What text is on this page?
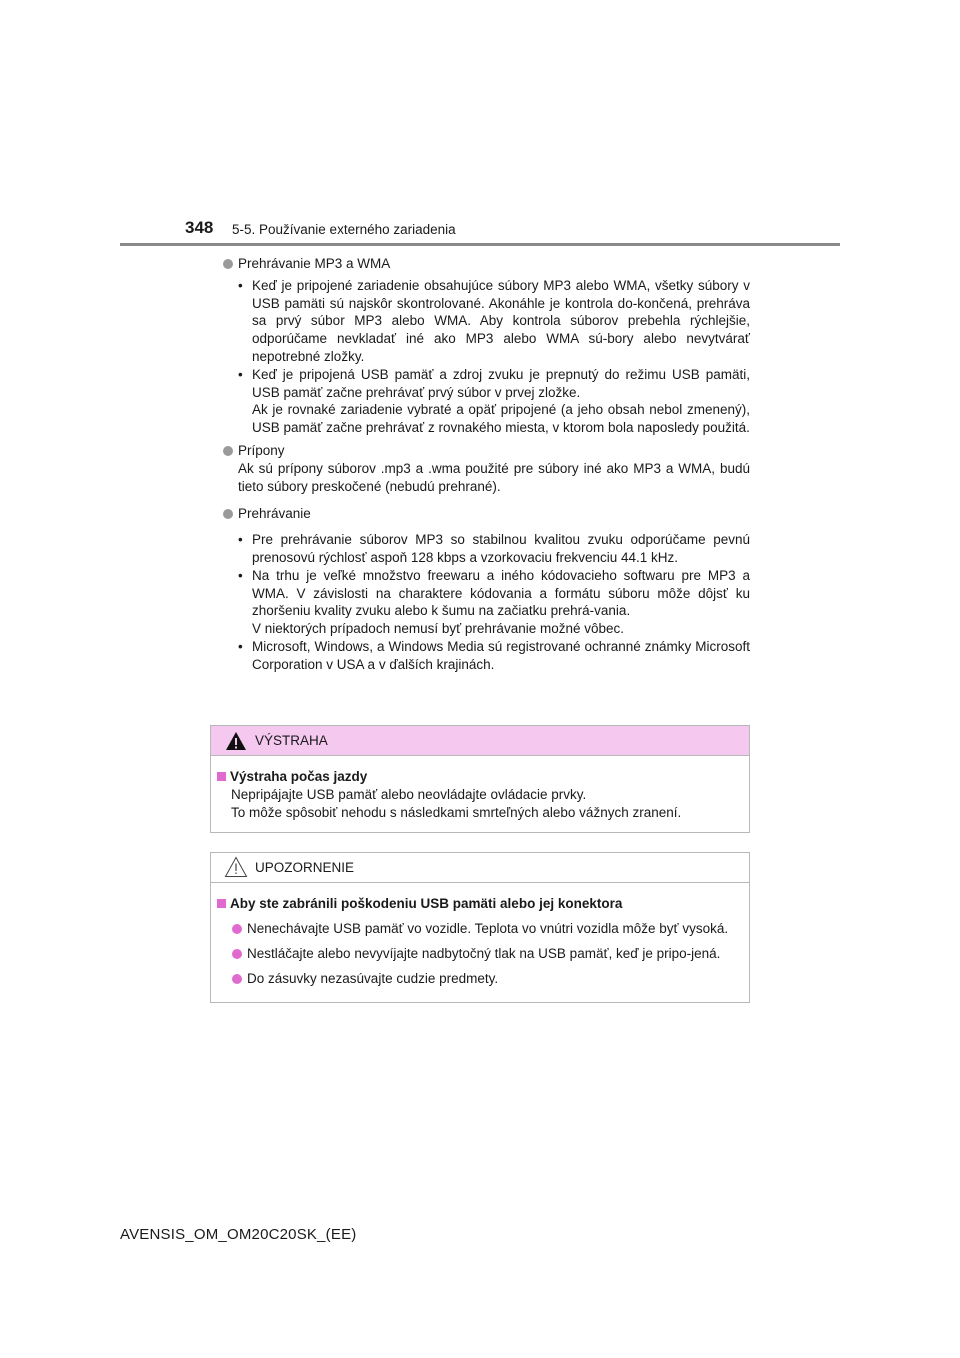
348 5-5. Používanie externého zariadenia
Prehrávanie MP3 a WMA
• Keď je pripojené zariadenie obsahujúce súbory MP3 alebo WMA, všetky súbory v USB pamäti sú najskôr skontrolované. Akonáhle je kontrola do-končená, prehráva sa prvý súbor MP3 alebo WMA. Aby kontrola súborov prebehla rýchlejšie, odporúčame nevkladať iné ako MP3 alebo WMA sú-bory alebo nevytvárať nepotrebné zložky.
• Keď je pripojená USB pamäť a zdroj zvuku je prepnutý do režimu USB pamäti, USB pamäť začne prehrávať prvý súbor v prvej zložke.
Ak je rovnaké zariadenie vybraté a opäť pripojené (a jeho obsah nebol zmenený), USB pamäť začne prehrávať z rovnakého miesta, v ktorom bola naposledy použitá.
Prípony
Ak sú prípony súborov .mp3 a .wma použité pre súbory iné ako MP3 a WMA, budú tieto súbory preskočené (nebudú prehrané).
Prehrávanie
• Pre prehrávanie súborov MP3 so stabilnou kvalitou zvuku odporúčame pevnú prenosovú rýchlosť aspoň 128 kbps a vzorkovaciu frekvenciu 44.1 kHz.
• Na trhu je veľké množstvo freewaru a iného kódovacieho softwaru pre MP3 a WMA. V závislosti na charaktere kódovania a formátu súboru môže dôjsť ku zhoršeniu kvality zvuku alebo k šumu na začiatku prehrá-vania.
V niektorých prípadoch nemusí byť prehrávanie možné vôbec.
• Microsoft, Windows, a Windows Media sú registrované ochranné známky Microsoft Corporation v USA a v ďalších krajinách.
VÝSTRAHA
Výstraha počas jazdy
Nepripájajte USB pamäť alebo neovládajte ovládacie prvky.
To môže spôsobiť nehodu s následkami smrteľných alebo vážnych zranení.
UPOZORNENIE
Aby ste zabránili poškodeniu USB pamäti alebo jej konektora
Nenechávajte USB pamäť vo vozidle. Teplota vo vnútri vozidla môže byť vysoká.
Nestláčajte alebo nevyvíjajte nadbytočný tlak na USB pamäť, keď je pripo-jená.
Do zásuvky nezasúvajte cudzie predmety.
AVENSIS_OM_OM20C20SK_(EE)
